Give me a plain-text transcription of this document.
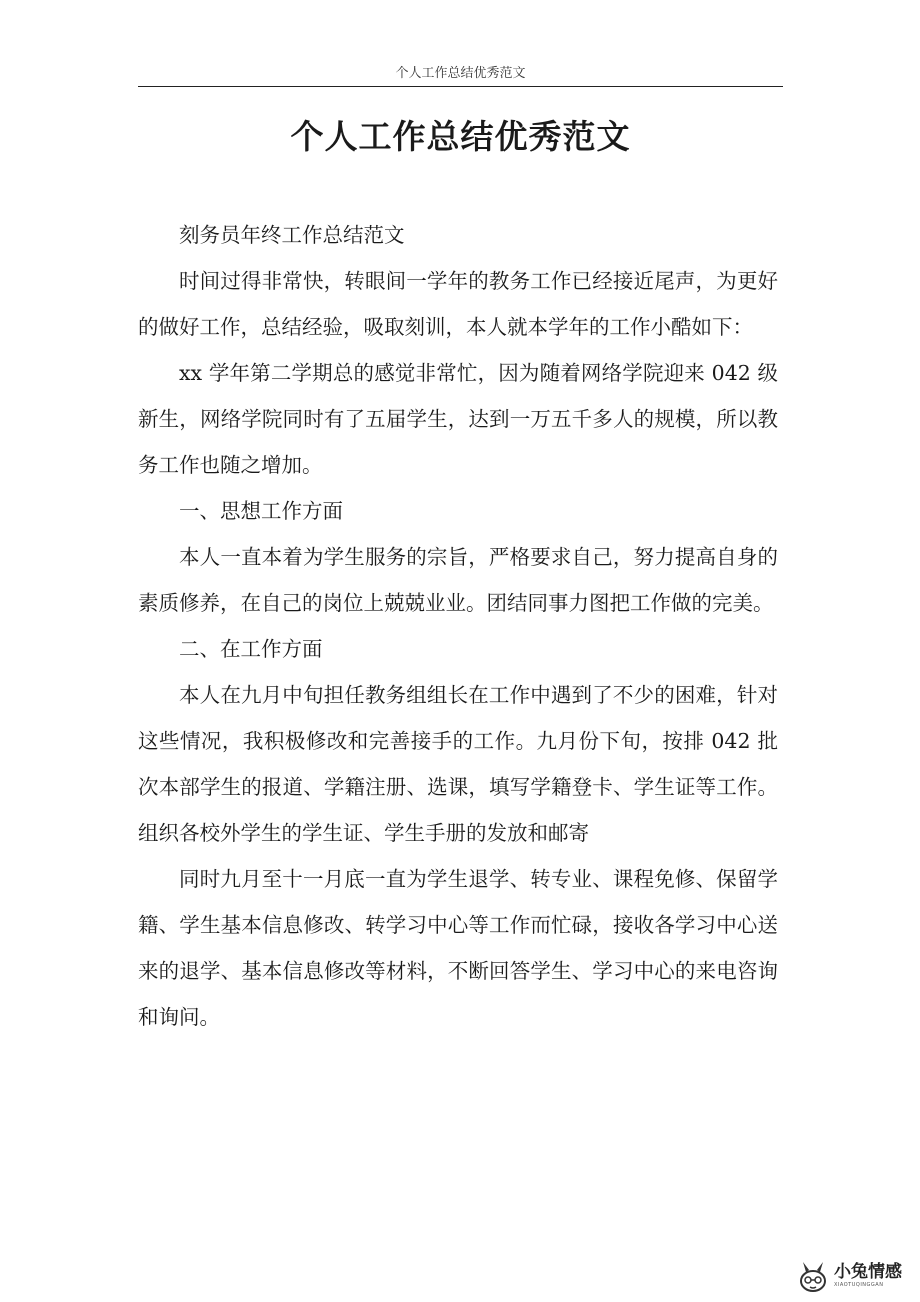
个人工作总结优秀范文
个人工作总结优秀范文

刻务员年终工作总结范文

时间过得非常快，转眼间一学年的教务工作已经接近尾声，为更好的做好工作，总结经验，吸取刻训，本人就本学年的工作小酷如下：

xx 学年第二学期总的感觉非常忙，因为随着网络学院迎来 042 级新生，网络学院同时有了五届学生，达到一万五千多人的规模，所以教务工作也随之增加。

一、思想工作方面

本人一直本着为学生服务的宗旨，严格要求自己，努力提高自身的素质修养，在自己的岗位上兢兢业业。团结同事力图把工作做的完美。

二、在工作方面

本人在九月中旬担任教务组组长在工作中遇到了不少的困难，针对这些情况，我积极修改和完善接手的工作。九月份下旬，按排 042 批次本部学生的报道、学籍注册、选课，填写学籍登卡、学生证等工作。组织各校外学生的学生证、学生手册的发放和邮寄

同时九月至十一月底一直为学生退学、转专业、课程免修、保留学籍、学生基本信息修改、转学习中心等工作而忙碌，接收各学习中心送来的退学、基本信息修改等材料，不断回答学生、学习中心的来电咨询和询问。

小兔情感
XIAOTUQINGGAN
